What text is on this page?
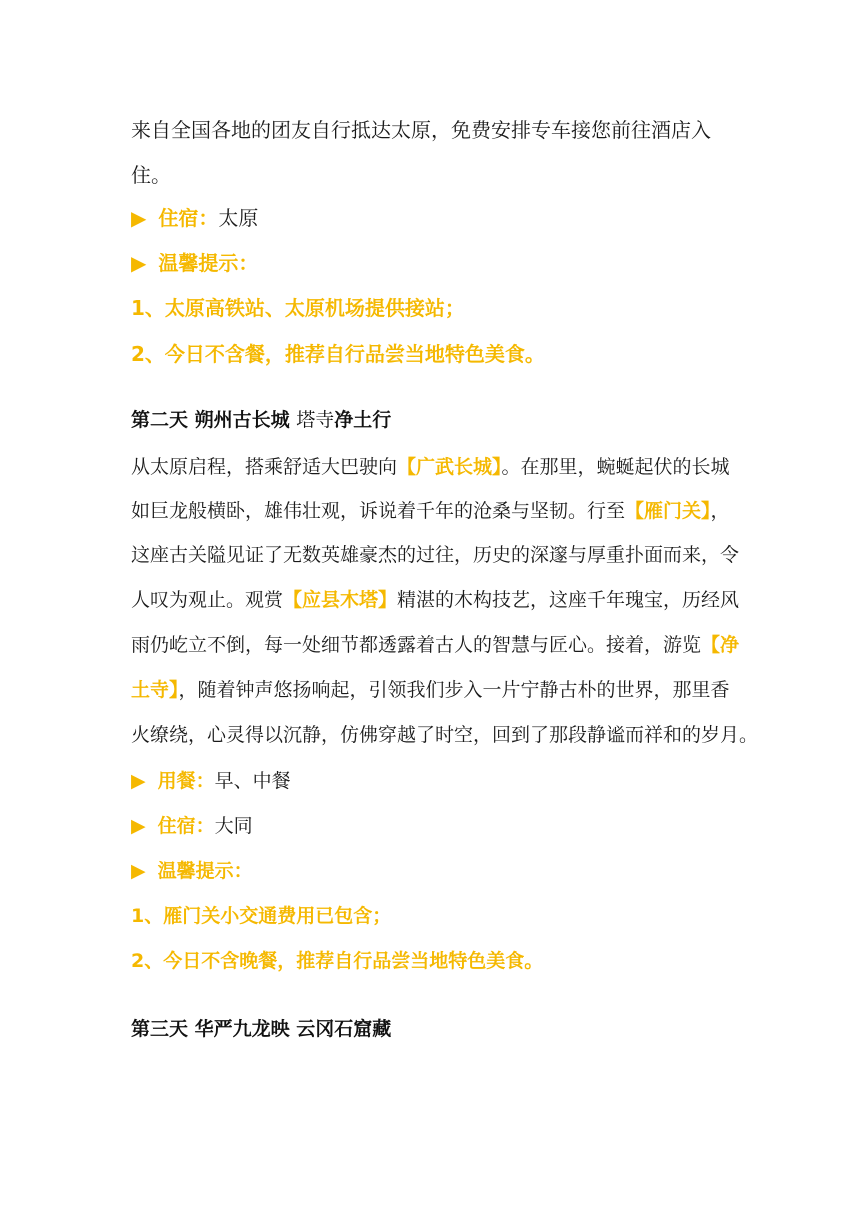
来自全国各地的团友自行抵达太原，免费安排专车接您前往酒店入
住。
▶ 住宿：太原
▶ 温馨提示：
1、太原高铁站、太原机场提供接站；
2、今日不含餐，推荐自行品尝当地特色美食。
第二天 朔州古长城 塔寺净土行
从太原启程，搭乘舒适大巴驶向【广武长城】。在那里，蜿蜒起伏的长城
如巨龙般横卧，雄伟壮观，诉说着千年的沧桑与坚韧。行至【雁门关】，
这座古关隘见证了无数英雄豪杰的过往，历史的深邃与厚重扑面而来，令
人叹为观止。观赏【应县木塔】精湛的木构技艺，这座千年瑰宝，历经风
雨仍屹立不倒，每一处细节都透露着古人的智慧与匠心。接着，游览【净
土寺】，随着钟声悠扬响起，引领我们步入一片宁静古朴的世界，那里香
火缭绕，心灵得以沉静，仿佛穿越了时空，回到了那段静谧而祥和的岁月。
▶ 用餐：早、中餐
▶ 住宿：大同
▶ 温馨提示：
1、雁门关小交通费用已包含；
2、今日不含晚餐，推荐自行品尝当地特色美食。
第三天 华严九龙映 云冈石窟藏
